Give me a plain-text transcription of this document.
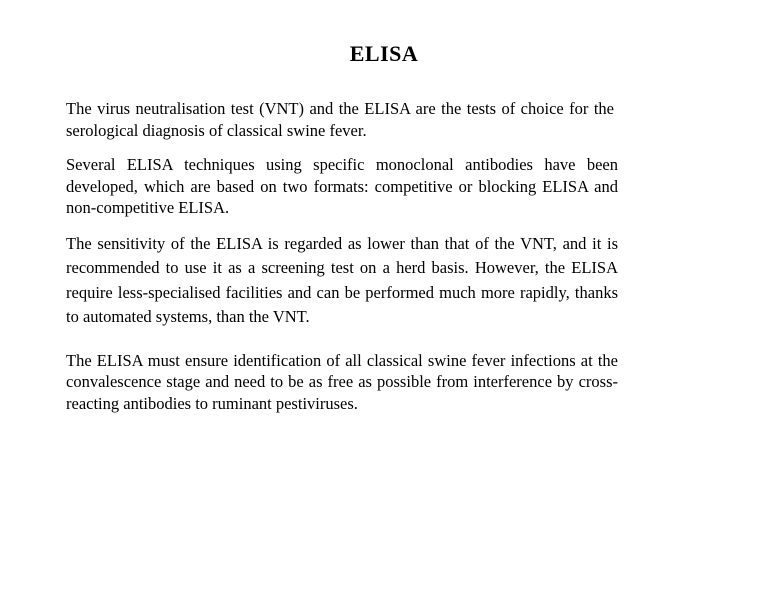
ELISA

The virus neutralisation test (VNT) and the ELISA are the tests of choice for the serological diagnosis of classical swine fever.

Several ELISA techniques using specific monoclonal antibodies have been developed, which are based on two formats: competitive or blocking ELISA and non-competitive ELISA.

The sensitivity of the ELISA is regarded as lower than that of the VNT, and it is recommended to use it as a screening test on a herd basis. However, the ELISA require less-specialised facilities and can be performed much more rapidly, thanks to automated systems, than the VNT.

The ELISA must ensure identification of all classical swine fever infections at the convalescence stage and need to be as free as possible from interference by cross-reacting antibodies to ruminant pestiviruses.
